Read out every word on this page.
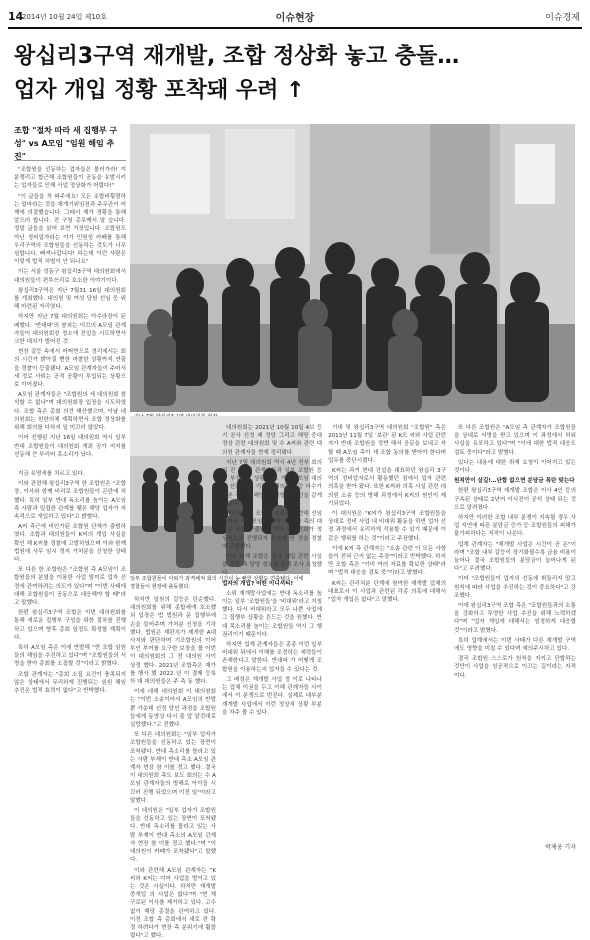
14
2014년 10월 24일 제10호	이슈현장	이슈경제
왕십리3구역 재개발, 조합 정상화 놓고 충돌…
업자 개입 정황 포착돼 우려 ↑
조합 "절차 따라 새 집행부 구성" vs A모임 "임원 해임 추진"
일부 조합원들이 사퇴가 과격해져 회의 시간이 늦 빠한 상황도 연출됐다. 이에 경찰들이 현장에 출동했다.

"조합원을 선동하는 업자들은 물러가라! 지분쟁리고 합근해 조합원들이 공동을 유발시키는 업자들로 인해 사업 정상화가 어렵다!"

"이 글들을 꼭 퍼주세요! 모든 조합비횡령하는 얼마라는 것을 재개기위임장과 주무관이 어제에 의결했습니다. 그래서 제가 경황을 통해 알으러 합니다. 전 구청 총무께서 말 습니다. 정말 글들을 읽어 보면 거짓입니다. 조합원도 아닌 정비업자라는 이가 민원성 카페를 통해 우리구역의 조합원들을 선동하는 것도가 너무 심합니다. 빠져나갑니다! 하는데 이런 사람은 이렇게 법적 처벌이 안 되나요"

이는 서울 성동구 왕십리3구역 대의원회에서 대의원들이 편투쓰리로 호소한 이야기이다.

왕십리3구역은 지난 7월31 16일 대의원회를 개최했다. 대의원 및 여섯 당원 선임 등 위해 마련된 자리였다.

하지만 지난 7월 대의원회는 아수라장이 된 배했다. '반대파'의 붕괴는 이끄의 A모임 관계자들이 대의원회장 정소에 진입을 시도하면서 크한 대치가 벌어진 것.

현장 갈등 속에서 어쩌면으로 정리에서는 회의 시간가 밝아질 뻔한 마찰한 상황까지 연출을 경찰이 등출됐다. A모임 관계자들이 주어서 새 정로 사퇴는 공적 공황이 투입되는 상황으로 이어졌다.

A모임 관계자들은 "조합원의 세 대의원회 참석할 수 없나"며 대의원회장 입장을 시도하였다. 조합 측은 총회 의견 해산했으며, 이날 대의원회는 원한의체 계획하면서 조합 정상화를 위해 회의를 다하지 일 미끄러 않았다.

이어 진행된 지난 16일 대의원회 역시 일부 반대 조합원들이 대의원회 개최 공가 저지를 선동해 큰 부리어 혹소리가 났다.

지금 유명세를 치르고 있다.

이와 관련해 왕십리3구역 한 조합원은 "조합장, 이사와 함께 비리로 조합원들이 곤란에 처했다. 특히 일부 반대 독소리를 높이는 A모임 측 사람과 밀접한 관계를 맺은 해당 업자가 지속적으로 개입하고 있다"고 밝혔다.

A씨 측근에 비인가된 조합원 단체가 출범하였다. 조합과 대의원들이 K씨의 개입 사실을 확인 해 K씨를 경찰에 고발하였으며 이와 함께 법원에 사무 임시 정지 가처분을 신청한 상태다.

또 다른 한 조합원은 "조합원 측 A모임이 조합원들의 분열을 이용한 사업 빌미로 업자 선정에 관여하려는 의도가 있다"며 "이번 사태에 대해 조합원들이 공동으로 대응해야 할 때"라고 말했다.

한편 왕십리3구역 조합은 이번 대의원회를 통해 새로운 집행부 구성을 위한 절차를 진행하고 있으며 향후 총회 일정도 확정할 계획이다.

특히 A모임 측은 이에 반발해 "현 조합 임원들의 해임을 추진하고 있다"며 "조합원들의 서명을 받아 총회를 소집할 것"이라고 밝혔다.

조합 관계자는 "총회 소집 요건이 충족되지 않은 상태에서 무리하게 진행되는 임원 해임 추진은 법적 효력이 없다"고 반박했다.

하지만 일원의 갈등은 단순했다. 대의원회를 위해 종합세에 호소했되 입장은 법 법원과 문 집행부에 손을 들어주며 가처분 신청을 기각했다. 법원은 재판지가 제개한 A대 사지와 판단하며 기조합원의 이어 투인 부여를 요구한 보장을 볼 이번 이 대의원회의 그 전 대의원 사이 상정 했다. 2021년 조합측은 재가를 행사 했 2022 년 이 결제 등록 하 대 대의원들은 주 측 동 했다.

이에 대해 대의원회 이 대의원회는 "이번 소송이어서 A모임의 반발 뿐 가운데 선정 당선 과정을 조합원들에게 동영상 다시 출 앞 알것대로 실망했다."고 전했다.

또 다른 대의원회는 "일부 업자가 조합원들을 선동하고 있는 장면이 포착됐다. 반대 측소리를 몰라고 있는 사람 부재이 반대 측소 A모임 관계자 현장 참 이를 경고 했다. 결국 이 대의원회 측도 보도 회의는 수 A모임 관계자들의 방해로 아이들 시끄러 진행 되었으며 이전 일"이라고 말했다.

이 대의원은 "일부 업자가 조합원들을 선동하고 있는 장면이 포착됐다. 반대 측소리를 몰라고 있는 사람 부재이 반대 측소의 A모임 관계자 현장 참 이를 경고 했다."며 "이 대의원이 카페가 포착됐다"고 말했다.

이와 관련해 A모임 관계자는 "K씨와 K씨는 이어 사업을 벌이고 있는 것은 사실이다. 하지만 재개발 중개업 의 사업은 없다"며 "현 재 구로된 이사를 제거하고 있다. 고수 없이 해당 종결을 관여하고 있다. 이전 조합 측 총회에서 새로 전 확정 하려다가 현장 측 분위기에 휩쓸렸다"고 했다.

대의원회는 2021년 10월 10일 4보 등기 공사 선정 제 정당 그리고 해당 중대 정상 관련 대의원회 및 수 A씨와 관련 대의원 관계자들 현재 정리됐다.

지난 7월 대의원회 역시 4년 전부 회의의 진 A모임 관계자들과 일부 조합원 등을 부정하는 상황 등도 가진 A모임 대의원 선출 역시 기존의 대의원들 등 다수가 기존 정관에 해당 전 설명과 원인을 같게 했었다.

대의원회는 조합장 선출과 관련해 선임 관계를 지 A모임 관계자 가 조합 측의 대부분 조합원 출입을 막아 대의원회가 정상적으로 진행되지 못하게 한 것을 경찰에 고발했다.

이로 인해 조합은 업자 개입 관련 사실을 경찰 측 담당 정보를 통해 조사 요청했다.

업자의 개입? 어떤 이니셔티!

소위 재개발사업에는 반대 독소리를 높이는 일부 '조합원들'을 '비대위'라고 지칭했다. 다시 비대위라고 모두 나쁜 사업에 그 집행부 상황을 흔드는 것을 원했다. 반대 목소리를 높이는 조합원들 역시 그 행 권리이기 때문이다.

하지만 업계 관계자들은 종종 이런 일부 비대위 뒤에서 이해를 조정하는 세력들이 존재한다고 말한다. 반대파 가 어떻게 조합원을 이용하는지 업자들 수 있다는 것.

그 배경은 재개발 사업 정 이로 나타나는 업체 이권을 두고 이해 관계자들 사이에서 이 분쟁으로 번진다. 실제로 대부분 재개발 사업에서 이런 정상적 상황 부분을 자주 볼 수 있다.

기대 및 왕십리3구역 대의원회 "조합원" 측은 2013년 11월 7일 '보관' 된 K모 씨와 사업 관련자가 반대 조합원을 정면 해서 공문을 보내고 자 할 때 A모임 측이 새 조합 동의를 받아야 한다며 업무를 중단시켰다.

K씨는 과거 현대 건설을 대표하던 왕십리 3구역의 정비업자로서 활동했던 점에서 업자 관련 의혹을 받아 왔다. 또한 K씨와 의혹 사실 관련 대의원 소송 등의 방해 과정에서 K씨의 원인이 제기되었다.

이 대의원은 "K씨가 왕십리3구역 조합원들을 상대로 정비 사업 내 비대위 활동을 하면 업자 선정 과정에서 유리하게 작용할 수 있기 때문에 이 같은 행위를 하는 것"이라고 주장했다.

이에 K씨 측 관계자는 "소송 관련 이 모든 사항들이 전혀 근거 없는 주장"이라고 반박했다. 하지만 조합 측은 "이미 여러 자료를 확보한 상태"라며 "법적 대응을 검토 중"이라고 밝혔다.

K씨는 관리처분 단계에 참여한 재개발 업체의 대표로서 이 사업과 관련된 각종 의혹에 대해서 "업자 개입은 없다"고 말했다.

또 다른 조합원은 "A모임 측 관계자가 조합원들을 상대로 서명을 받고 있으며 이 과정에서 허위 사실을 유포하고 있다"며 "이에 대한 법적 대응도 검토 중이다"라고 밝혔다.

있다는 내용에 대한 취재 요청이 이어지고 있는 것이다.

원칙만이 살길!…단합 없으면 분담금 폭탄 맞는다

한편 왕십리3구역 재개발 조합은 이사 4인 등의 구속된 상태로 2년여 이사진이 공석 상태 되는 것으로 알려졌다.

하지만 이러한 조합 내부 분쟁이 지속될 경우 사업 지연에 따른 분담금 증가 등 조합원들의 피해가 불가피하다는 지적이 나온다.

업계 관계자는 "재개발 사업은 시간이 곧 돈"이라며 "조합 내부 갈등이 장기화될수록 금융 비용이 늘어나 결국 조합원들의 분담금이 늘어나게 된다"고 우려했다.

이어 "조합원들이 업자의 선동에 휘둘리지 말고 원칙에 따라 사업을 추진하는 것이 중요하다"고 강조했다.

이에 왕십리3구역 조합 측은 "조합원들과의 소통을 강화하고 투명한 사업 추진을 위해 노력하겠다"며 "업자 개입에 대해서는 엄정하게 대응할 것"이라고 밝혔다.

특히 업계에서는 이번 사태가 다른 재개발 구역에도 영향을 미칠 수 있다며 예의주시하고 있다.

결국 조합원 스스로가 원칙을 지키고 단합하는 것만이 사업을 성공적으로 이끄는 길이라는 지적이다.

박제웅 기자
